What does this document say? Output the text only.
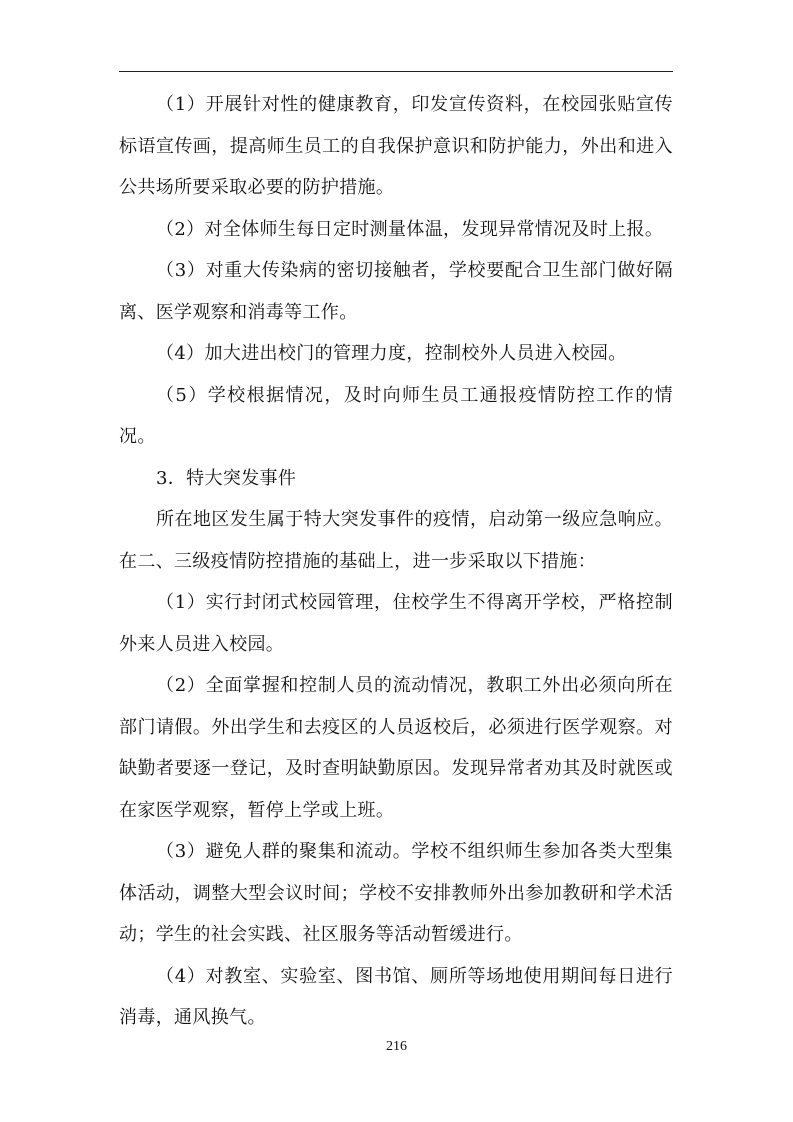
（1）开展针对性的健康教育，印发宣传资料，在校园张贴宣传标语宣传画，提高师生员工的自我保护意识和防护能力，外出和进入公共场所要采取必要的防护措施。

（2）对全体师生每日定时测量体温，发现异常情况及时上报。

（3）对重大传染病的密切接触者，学校要配合卫生部门做好隔离、医学观察和消毒等工作。

（4）加大进出校门的管理力度，控制校外人员进入校园。

（5）学校根据情况，及时向师生员工通报疫情防控工作的情况。

3．特大突发事件

所在地区发生属于特大突发事件的疫情，启动第一级应急响应。在二、三级疫情防控措施的基础上，进一步采取以下措施：

（1）实行封闭式校园管理，住校学生不得离开学校，严格控制外来人员进入校园。

（2）全面掌握和控制人员的流动情况，教职工外出必须向所在部门请假。外出学生和去疫区的人员返校后，必须进行医学观察。对缺勤者要逐一登记，及时查明缺勤原因。发现异常者劝其及时就医或在家医学观察，暂停上学或上班。

（3）避免人群的聚集和流动。学校不组织师生参加各类大型集体活动，调整大型会议时间；学校不安排教师外出参加教研和学术活动；学生的社会实践、社区服务等活动暂缓进行。

（4）对教室、实验室、图书馆、厕所等场地使用期间每日进行消毒，通风换气。

216
